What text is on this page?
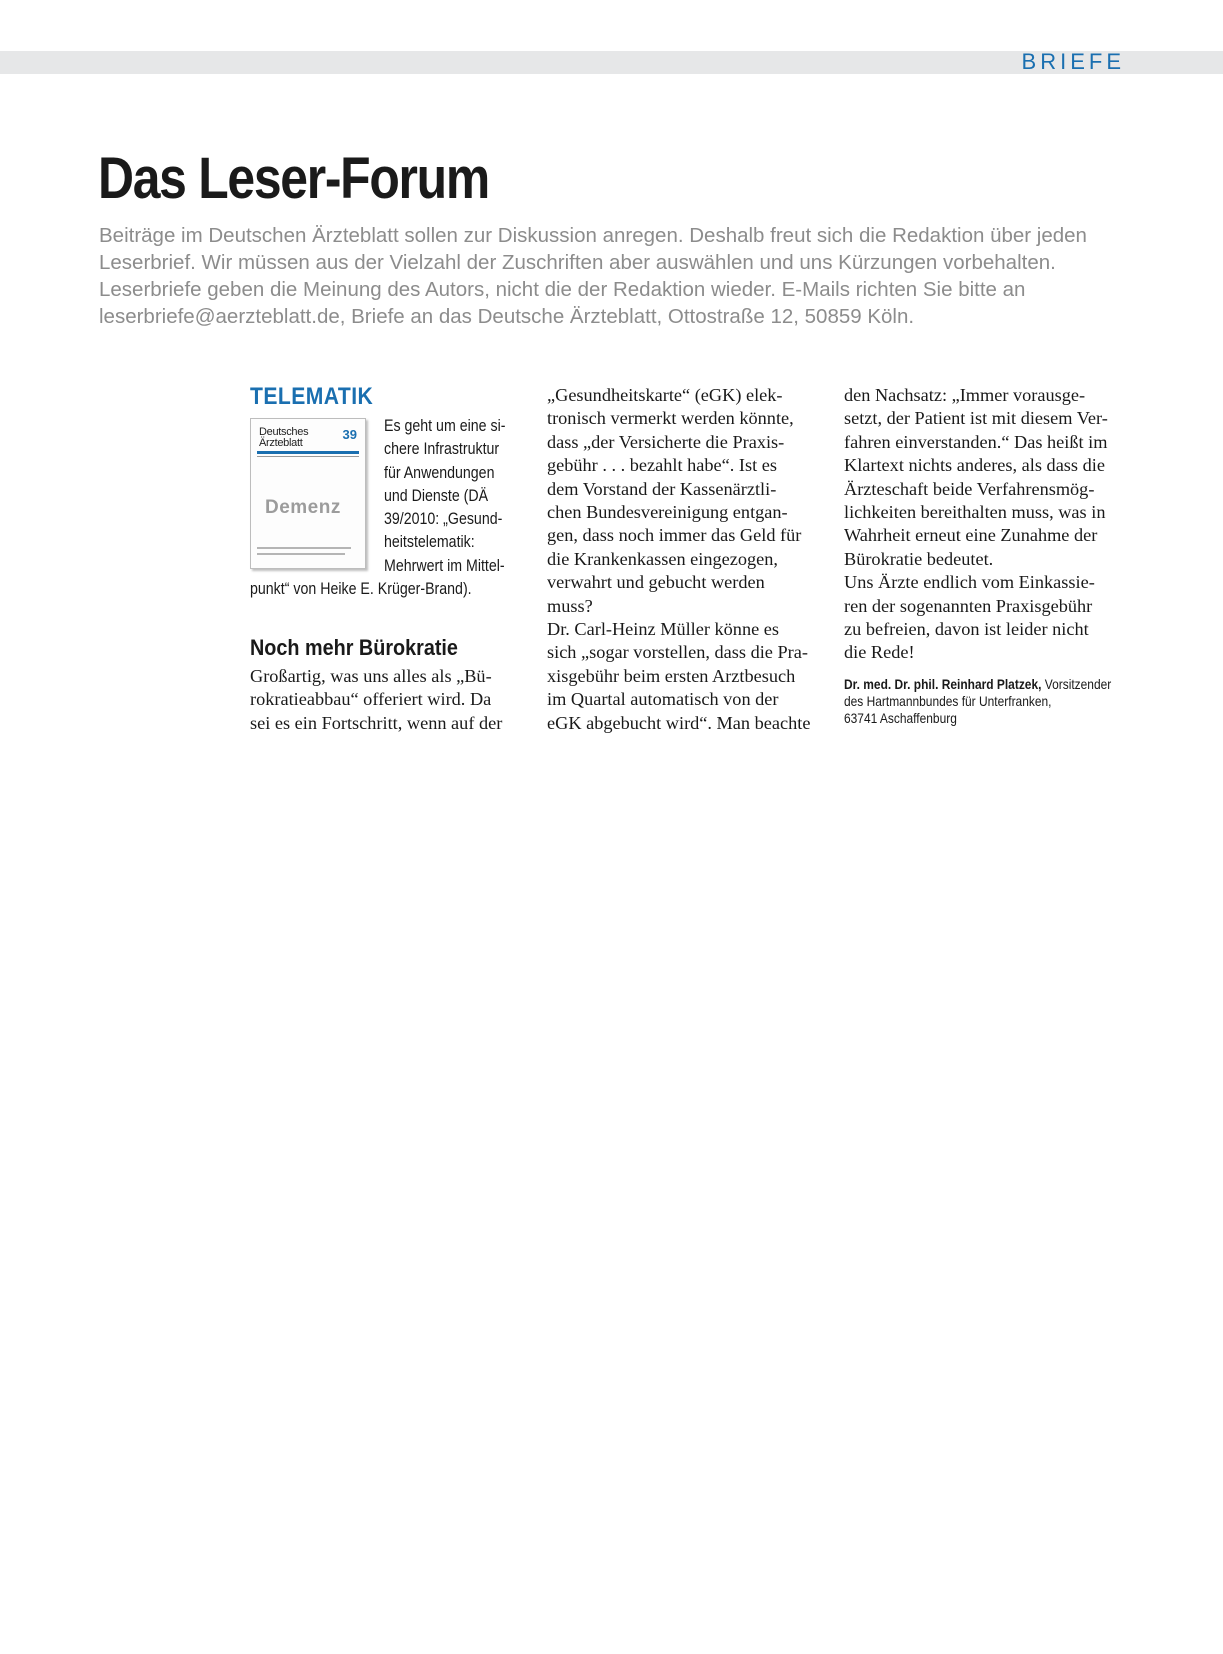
BRIEFE
Das Leser-Forum

Beiträge im Deutschen Ärzteblatt sollen zur Diskussion anregen. Deshalb freut sich die Redaktion über jeden Leserbrief. Wir müssen aus der Vielzahl der Zuschriften aber auswählen und uns Kürzungen vorbehalten. Leserbriefe geben die Meinung des Autors, nicht die der Redaktion wieder. E-Mails richten Sie bitte an leserbriefe@aerzteblatt.de, Briefe an das Deutsche Ärzteblatt, Ottostraße 12, 50859 Köln.

TELEMATIK
Deutsches
Ärzteblatt
39
Demenz

Es geht um eine si-
chere Infrastruktur
für Anwendungen
und Dienste (DÄ
39/2010: „Gesund-
heitstelematik:
Mehrwert im Mittel-

punkt“ von Heike E. Krüger-Brand).

Noch mehr Bürokratie

Großartig, was uns alles als „Bü-
rokratieabbau“ offeriert wird. Da
sei es ein Fortschritt, wenn auf der

„Gesundheitskarte“ (eGK) elek-
tronisch vermerkt werden könnte,
dass „der Versicherte die Praxis-
gebühr . . . bezahlt habe“. Ist es
dem Vorstand der Kassenärztli-
chen Bundesvereinigung entgan-
gen, dass noch immer das Geld für
die Krankenkassen eingezogen,
verwahrt und gebucht werden
muss?
Dr. Carl-Heinz Müller könne es
sich „sogar vorstellen, dass die Pra-
xisgebühr beim ersten Arztbesuch
im Quartal automatisch von der
eGK abgebucht wird“. Man beachte

den Nachsatz: „Immer vorausge-
setzt, der Patient ist mit diesem Ver-
fahren einverstanden.“ Das heißt im
Klartext nichts anderes, als dass die
Ärzteschaft beide Verfahrensmög-
lichkeiten bereithalten muss, was in
Wahrheit erneut eine Zunahme der
Bürokratie bedeutet.
Uns Ärzte endlich vom Einkassie-
ren der sogenannten Praxisgebühr
zu befreien, davon ist leider nicht
die Rede!

Dr. med. Dr. phil. Reinhard Platzek, Vorsitzender
des Hartmannbundes für Unterfranken,
63741 Aschaffenburg
